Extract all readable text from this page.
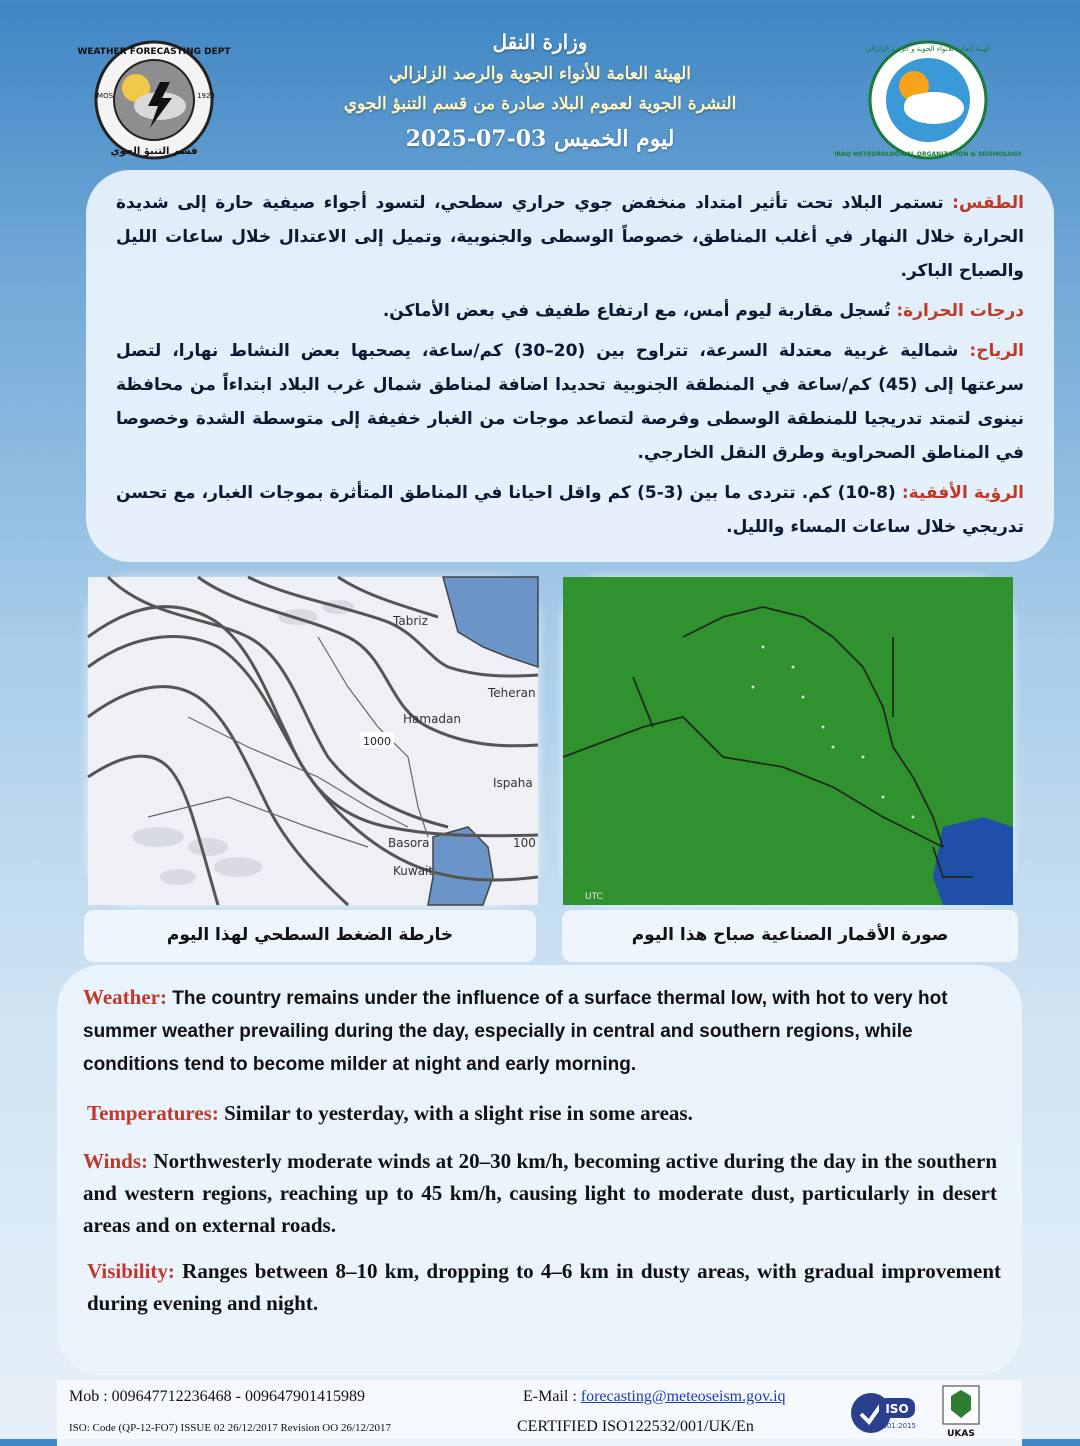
وزارة النقل
الهيئة العامة للأنواء الجوية والرصد الزلزالي
النشرة الجوية لعموم البلاد صادرة من قسم التنبؤ الجوي
ليوم الخميس 03-07-2025
WEATHER FORECASTING DEPT
قسم التنبؤ الجوي
IMOS	1923
الهيئة العامة للأنواء الجوية و الرصد الزلزالي
IRAQ METEOROLOGICAL ORGANIZATION & SEISMOLOGY

الطقس: تستمر البلاد تحت تأثير امتداد منخفض جوي حراري سطحي، لتسود أجواء صيفية حارة إلى شديدة الحرارة خلال النهار في أغلب المناطق، خصوصاً الوسطى والجنوبية، وتميل إلى الاعتدال خلال ساعات الليل والصباح الباكر.

درجات الحرارة: تُسجل مقاربة ليوم أمس، مع ارتفاع طفيف في بعض الأماكن.

الرياح: شمالية غربية معتدلة السرعة، تتراوح بين (20–30) كم/ساعة، يصحبها بعض النشاط نهارا، لتصل سرعتها إلى (45) كم/ساعة في المنطقة الجنوبية تحديدا اضافة لمناطق شمال غرب البلاد ابتداءاً من محافظة نينوى لتمتد تدريجيا للمنطقة الوسطى وفرصة لتصاعد موجات من الغبار خفيفة إلى متوسطة الشدة وخصوصا في المناطق الصحراوية وطرق النقل الخارجي.

الرؤية الأفقية: (8-10) كم. تتردى ما بين (3-5) كم واقل احيانا في المناطق المتأثرة بموجات الغبار، مع تحسن تدريجي خلال ساعات المساء والليل.

1000
Tabriz
Teheran
Hamadan
Ispaha
Basora
Kuwait
100
UTC
خارطة الضغط السطحي لهذا اليوم	صورة الأقمار الصناعية صباح هذا اليوم
Weather: The country remains under the influence of a surface thermal low, with hot to very hot summer weather prevailing during the day, especially in central and southern regions, while conditions tend to become milder at night and early morning.
Temperatures: Similar to yesterday, with a slight rise in some areas.
Winds: Northwesterly moderate winds at 20–30 km/h, becoming active during the day in the southern and western regions, reaching up to 45 km/h, causing light to moderate dust, particularly in desert areas and on external roads.
Visibility: Ranges between 8–10 km, dropping to 4–6 km in dusty areas, with gradual improvement during evening and night.
Mob : 009647712236468 - 009647901415989	E-Mail : forecasting@meteoseism.gov.iq
ISO: Code (QP-12-FO7) ISSUE 02 26/12/2017 Revision OO 26/12/2017	CERTIFIED ISO122532/001/UK/En
ISO
9001:2015
UKAS
